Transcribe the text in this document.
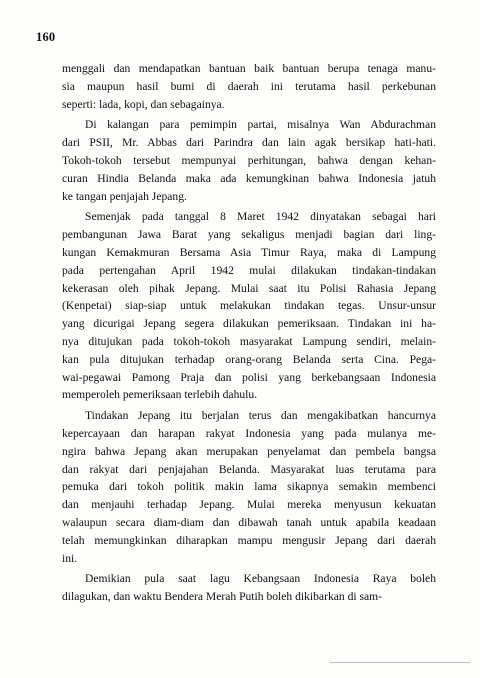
160
menggali dan mendapatkan bantuan baik bantuan berupa tenaga manu-
sia maupun hasil bumi di daerah ini terutama hasil perkebunan
seperti: lada, kopi, dan sebagainya.
Di kalangan para pemimpin partai, misalnya Wan Abdurachman
dari PSII, Mr. Abbas dari Parindra dan lain agak bersikap hati-hati.
Tokoh-tokoh tersebut mempunyai perhitungan, bahwa dengan kehan-
curan Hindia Belanda maka ada kemungkinan bahwa Indonesia jatuh
ke tangan penjajah Jepang.
Semenjak pada tanggal 8 Maret 1942 dinyatakan sebagai hari
pembangunan Jawa Barat yang sekaligus menjadi bagian dari ling-
kungan Kemakmuran Bersama Asia Timur Raya, maka di Lampung
pada pertengahan April 1942 mulai dilakukan tindakan-tindakan
kekerasan oleh pihak Jepang. Mulai saat itu Polisi Rahasia Jepang
(Kenpetai) siap-siap untuk melakukan tindakan tegas. Unsur-unsur
yang dicurigai Jepang segera dilakukan pemeriksaan. Tindakan ini ha-
nya ditujukan pada tokoh-tokoh masyarakat Lampung sendiri, melain-
kan pula ditujukan terhadap orang-orang Belanda serta Cina. Pega-
wai-pegawai Pamong Praja dan polisi yang berkebangsaan Indonesia
memperoleh pemeriksaan terlebih dahulu.
Tindakan Jepang itu berjalan terus dan mengakibatkan hancurnya
kepercayaan dan harapan rakyat Indonesia yang pada mulanya me-
ngira bahwa Jepang akan merupakan penyelamat dan pembela bangsa
dan rakyat dari penjajahan Belanda. Masyarakat luas terutama para
pemuka dari tokoh politik makin lama sikapnya semakin membenci
dan menjauhi terhadap Jepang. Mulai mereka menyusun kekuatan
walaupun secara diam-diam dan dibawah tanah untuk apabila keadaan
telah memungkinkan diharapkan mampu mengusir Jepang dari daerah
ini.
Demikian pula saat lagu Kebangsaan Indonesia Raya boleh
dilagukan, dan waktu Bendera Merah Putih boleh dikibarkan di sam-
